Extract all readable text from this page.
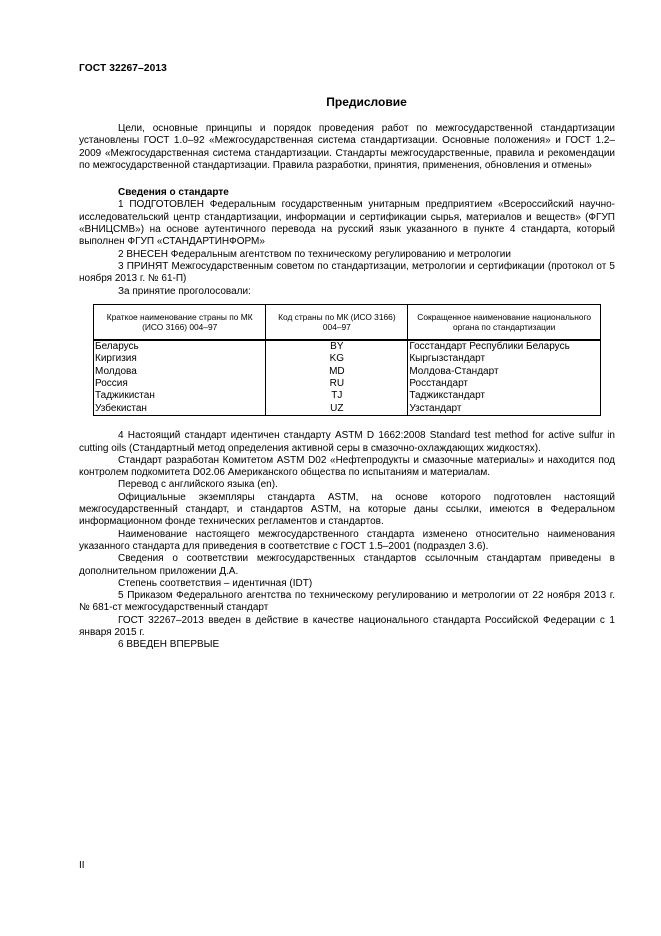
ГОСТ 32267–2013
Предисловие

Цели, основные принципы и порядок проведения работ по межгосударственной стандартизации установлены ГОСТ 1.0–92 «Межгосударственная система стандартизации. Основные положения» и ГОСТ 1.2–2009 «Межгосударственная система стандартизации. Стандарты межгосударственные, правила и рекомендации по межгосударственной стандартизации. Правила разработки, принятия, применения, обновления и отмены»

Сведения о стандарте

1 ПОДГОТОВЛЕН Федеральным государственным унитарным предприятием «Всероссийский научно-исследовательский центр стандартизации, информации и сертификации сырья, материалов и веществ» (ФГУП «ВНИЦСМВ») на основе аутентичного перевода на русский язык указанного в пункте 4 стандарта, который выполнен ФГУП «СТАНДАРТИНФОРМ»

2 ВНЕСЕН Федеральным агентством по техническому регулированию и метрологии

3 ПРИНЯТ Межгосударственным советом по стандартизации, метрологии и сертификации (протокол от 5 ноября 2013 г. № 61-П)

За принятие проголосовали:

Краткое наименование страны по МК (ИСО 3166) 004–97	Код страны по МК (ИСО 3166) 004–97	Сокращенное наименование национального органа по стандартизации
Беларусь	BY	Госстандарт Республики Беларусь
Киргизия	KG	Кыргызстандарт
Молдова	MD	Молдова-Стандарт
Россия	RU	Росстандарт
Таджикистан	TJ	Таджикстандарт
Узбекистан	UZ	Узстандарт

4 Настоящий стандарт идентичен стандарту ASTM D 1662:2008 Standard test method for active sulfur in cutting oils (Стандартный метод определения активной серы в смазочно-охлаждающих жидкостях).

Стандарт разработан Комитетом ASTM D02 «Нефтепродукты и смазочные материалы» и находится под контролем подкомитета D02.06 Американского общества по испытаниям и материалам.

Перевод с английского языка (en).

Официальные экземпляры стандарта ASTM, на основе которого подготовлен настоящий межгосударственный стандарт, и стандартов ASTM, на которые даны ссылки, имеются в Федеральном информационном фонде технических регламентов и стандартов.

Наименование настоящего межгосударственного стандарта изменено относительно наименования указанного стандарта для приведения в соответствие с ГОСТ 1.5–2001 (подраздел 3.6).

Сведения о соответствии межгосударственных стандартов ссылочным стандартам приведены в дополнительном приложении Д.А.

Степень соответствия – идентичная (IDT)

5 Приказом Федерального агентства по техническому регулированию и метрологии от 22 ноября 2013 г. № 681-ст межгосударственный стандарт

ГОСТ 32267–2013 введен в действие в качестве национального стандарта Российской Федерации с 1 января 2015 г.

6 ВВЕДЕН ВПЕРВЫЕ

II
